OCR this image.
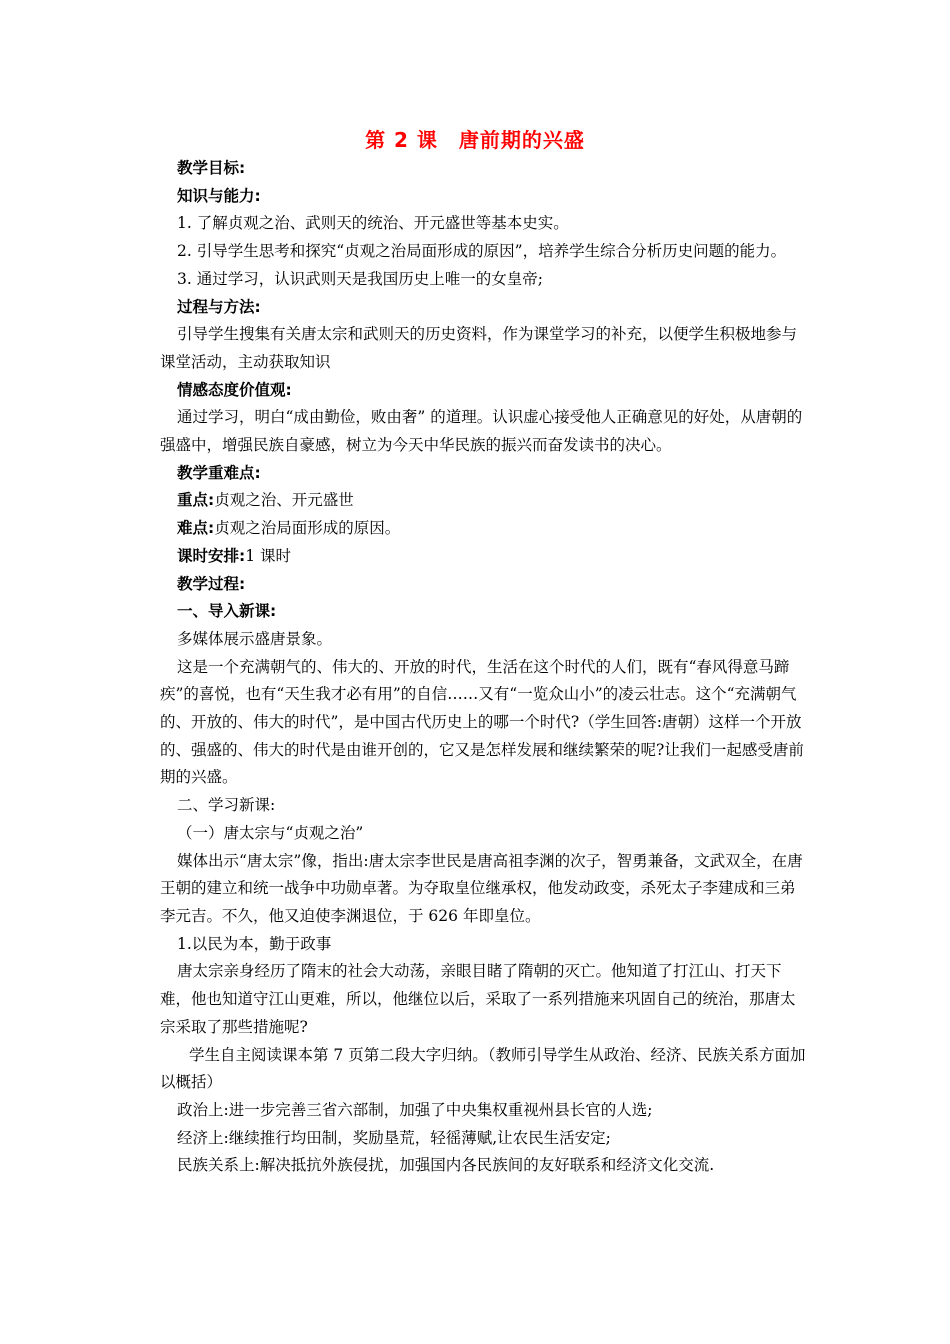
第 2 课　唐前期的兴盛

教学目标:

知识与能力:

1. 了解贞观之治、武则天的统治、开元盛世等基本史实。

2. 引导学生思考和探究“贞观之治局面形成的原因”，培养学生综合分析历史问题的能力。

3. 通过学习，认识武则天是我国历史上唯一的女皇帝;

过程与方法:

引导学生搜集有关唐太宗和武则天的历史资料，作为课堂学习的补充，以便学生积极地参与课堂活动，主动获取知识

情感态度价值观:

通过学习，明白“成由勤俭，败由奢” 的道理。认识虚心接受他人正确意见的好处，从唐朝的强盛中，增强民族自豪感，树立为今天中华民族的振兴而奋发读书的决心。

教学重难点:

重点:贞观之治、开元盛世

难点:贞观之治局面形成的原因。

课时安排:1 课时

教学过程:

一、导入新课:

多媒体展示盛唐景象。

这是一个充满朝气的、伟大的、开放的时代，生活在这个时代的人们，既有“春风得意马蹄疾”的喜悦，也有“天生我才必有用”的自信……又有“一览众山小”的凌云壮志。这个“充满朝气的、开放的、伟大的时代”，是中国古代历史上的哪一个时代?（学生回答:唐朝）这样一个开放的、强盛的、伟大的时代是由谁开创的，它又是怎样发展和继续繁荣的呢?让我们一起感受唐前期的兴盛。

二、学习新课:

（一）唐太宗与“贞观之治”

媒体出示“唐太宗”像，指出:唐太宗李世民是唐高祖李渊的次子，智勇兼备，文武双全，在唐王朝的建立和统一战争中功勋卓著。为夺取皇位继承权，他发动政变，杀死太子李建成和三弟李元吉。不久，他又迫使李渊退位，于 626 年即皇位。

1.以民为本，勤于政事

唐太宗亲身经历了隋末的社会大动荡，亲眼目睹了隋朝的灭亡。他知道了打江山、打天下难，他也知道守江山更难，所以，他继位以后，采取了一系列措施来巩固自己的统治，那唐太宗采取了那些措施呢?

学生自主阅读课本第 7 页第二段大字归纳。（教师引导学生从政治、经济、民族关系方面加以概括）

政治上:进一步完善三省六部制，加强了中央集权重视州县长官的人选;

经济上:继续推行均田制，奖励垦荒，轻徭薄赋,让农民生活安定;

民族关系上:解决抵抗外族侵扰，加强国内各民族间的友好联系和经济文化交流.
